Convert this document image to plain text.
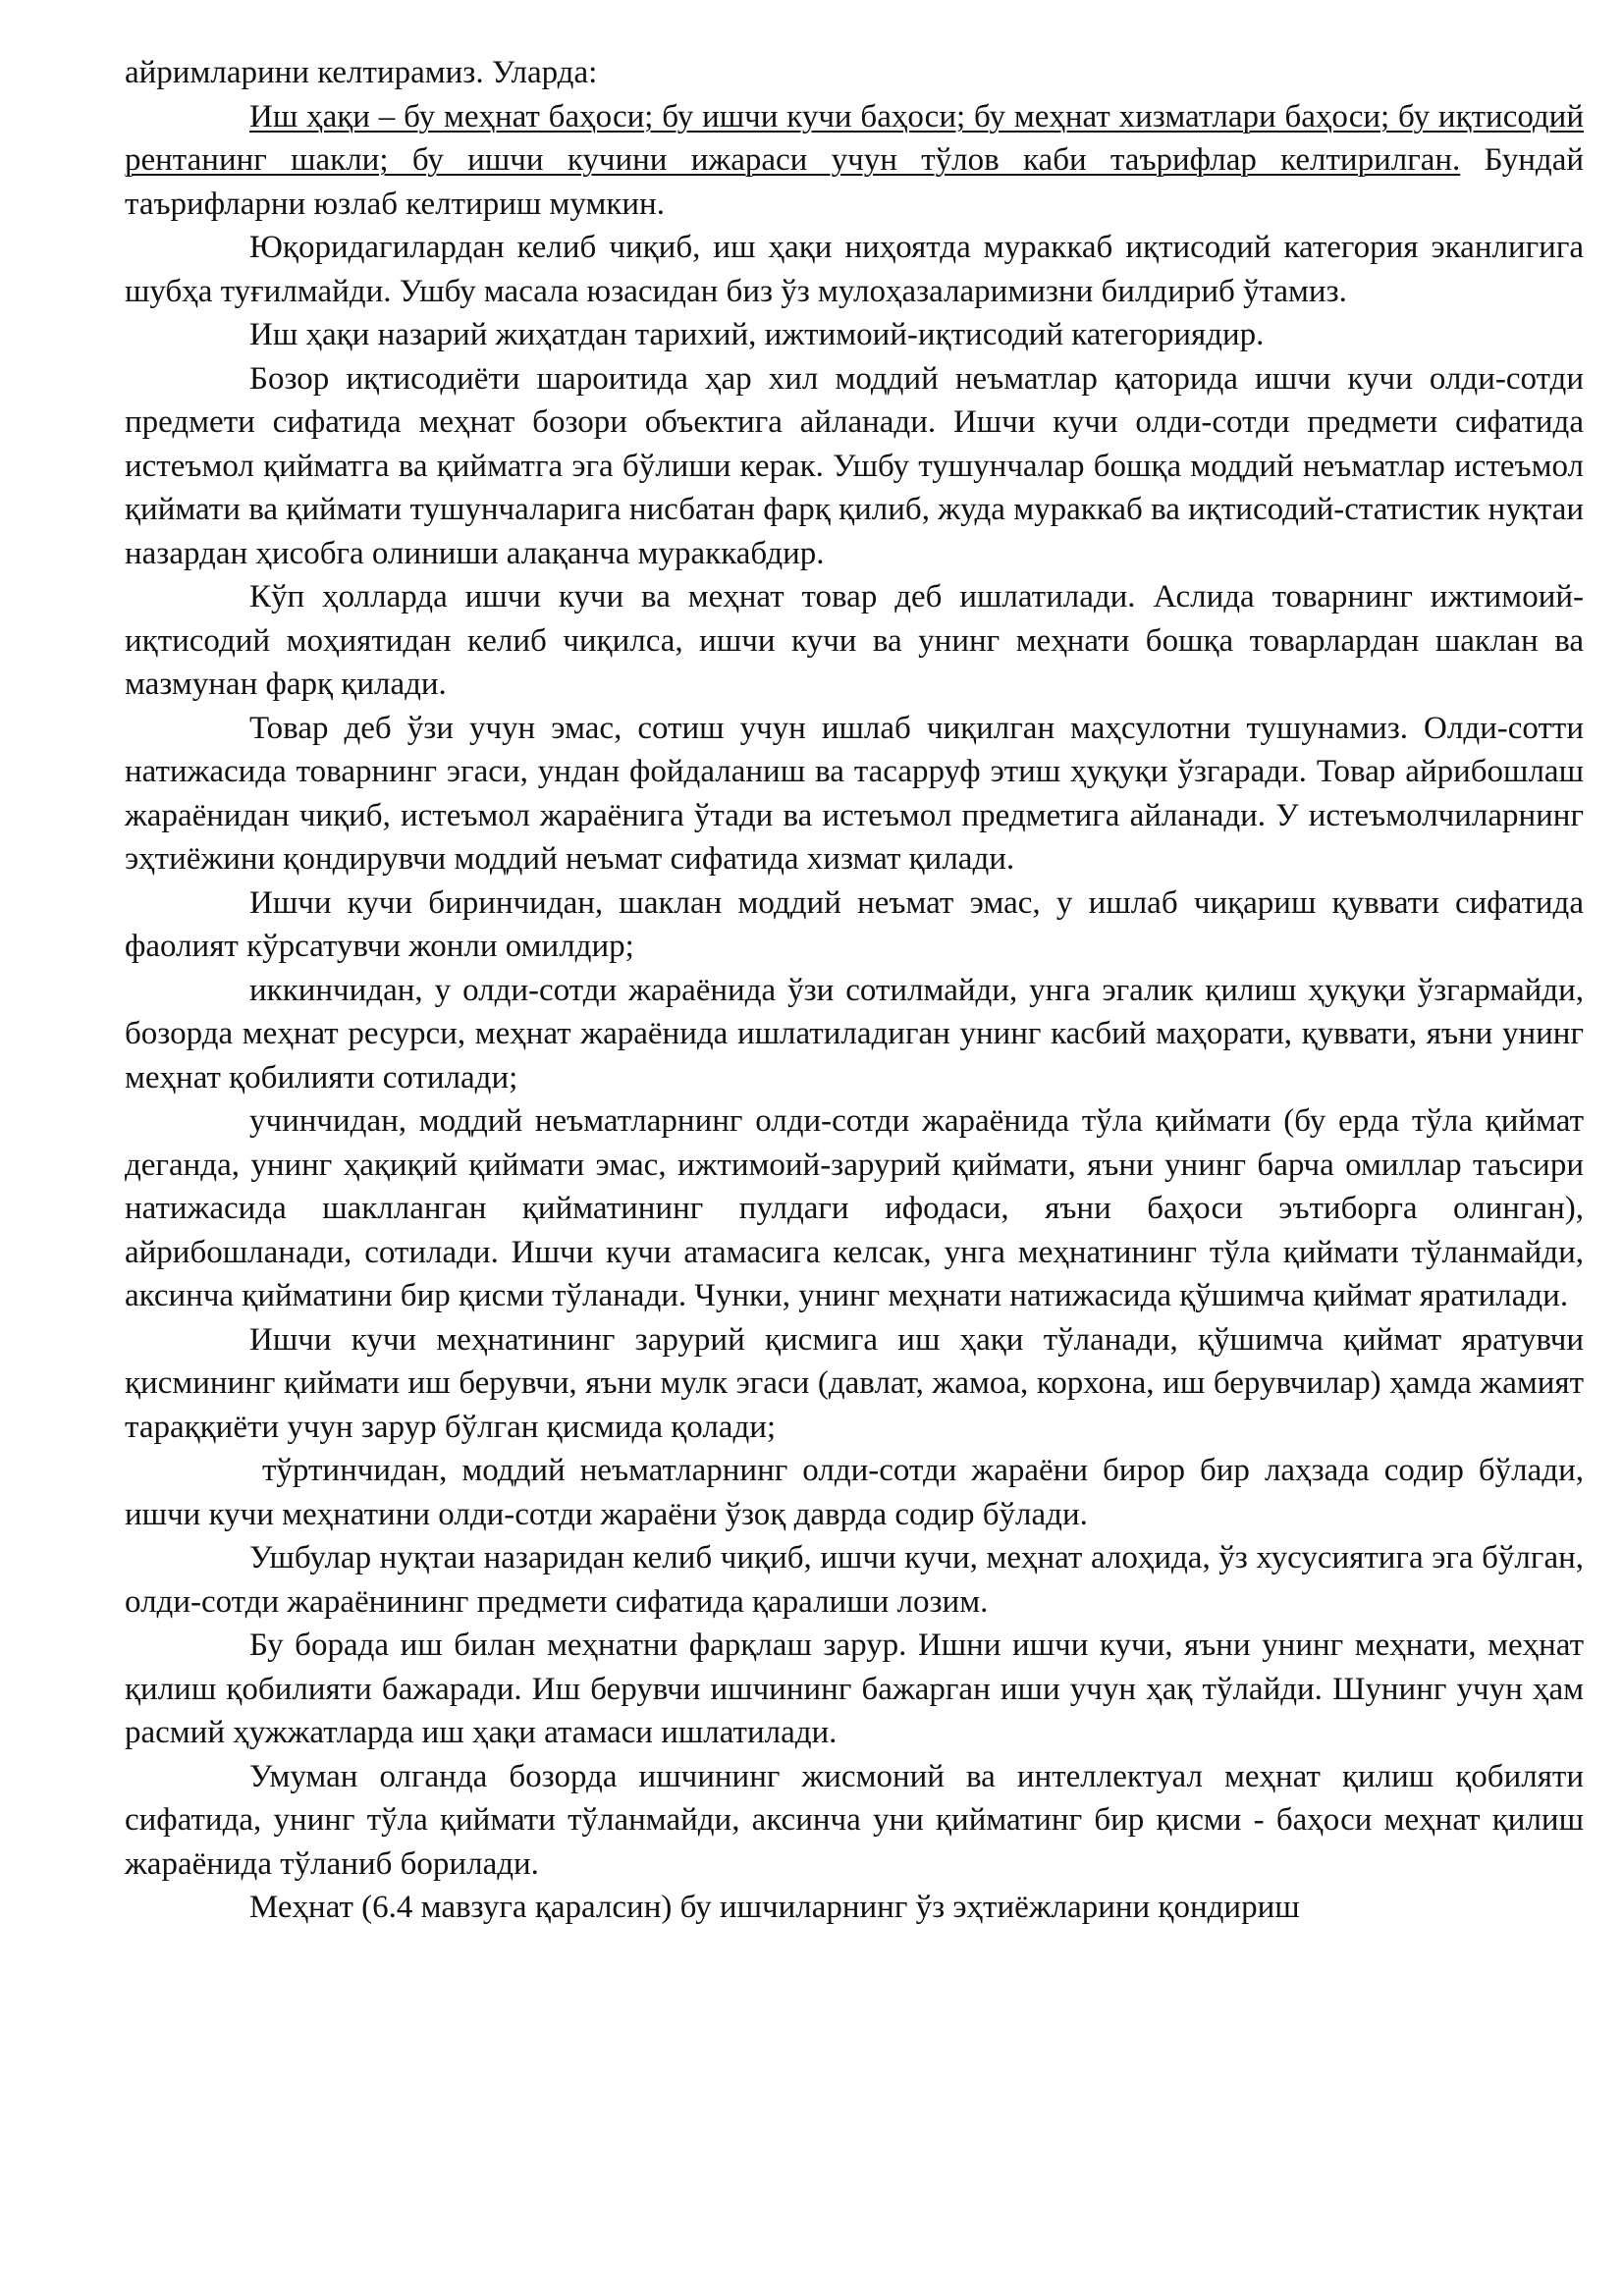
айримларини келтирамиз. Уларда:

Иш ҳақи – бу меҳнат баҳоси; бу ишчи кучи баҳоси; бу меҳнат хизматлари баҳоси; бу иқтисодий рентанинг шакли; бу ишчи кучини ижараси учун тўлов каби таърифлар келтирилган. Бундай таърифларни юзлаб келтириш мумкин.

Юқоридагилардан келиб чиқиб, иш ҳақи ниҳоятда мураккаб иқтисодий категория эканлигига шубҳа туғилмайди. Ушбу масала юзасидан биз ўз мулоҳазаларимизни билдириб ўтамиз.

Иш ҳақи назарий жиҳатдан тарихий, ижтимоий-иқтисодий категориядир.

Бозор иқтисодиёти шароитида ҳар хил моддий неъматлар қаторида ишчи кучи олди-сотди предмети сифатида меҳнат бозори объектига айланади. Ишчи кучи олди-сотди предмети сифатида истеъмол қийматга ва қийматга эга бўлиши керак. Ушбу тушунчалар бошқа моддий неъматлар истеъмол қиймати ва қиймати тушунчаларига нисбатан фарқ қилиб, жуда мураккаб ва иқтисодий-статистик нуқтаи назардан ҳисобга олиниши алақанча мураккабдир.

Кўп ҳолларда ишчи кучи ва меҳнат товар деб ишлатилади. Аслида товарнинг ижтимоий-иқтисодий моҳиятидан келиб чиқилса, ишчи кучи ва унинг меҳнати бошқа товарлардан шаклан ва мазмунан фарқ қилади.

Товар деб ўзи учун эмас, сотиш учун ишлаб чиқилган маҳсулотни тушунамиз. Олди-сотти натижасида товарнинг эгаси, ундан фойдаланиш ва тасарруф этиш ҳуқуқи ўзгаради. Товар айрибошлаш жараёнидан чиқиб, истеъмол жараёнига ўтади ва истеъмол предметига айланади. У истеъмолчиларнинг эҳтиёжини қондирувчи моддий неъмат сифатида хизмат қилади.

Ишчи кучи биринчидан, шаклан моддий неъмат эмас, у ишлаб чиқариш қуввати сифатида фаолият кўрсатувчи жонли омилдир;

иккинчидан, у олди-сотди жараёнида ўзи сотилмайди, унга эгалик қилиш ҳуқуқи ўзгармайди, бозорда меҳнат ресурси, меҳнат жараёнида ишлатиладиган унинг касбий маҳорати, қуввати, яъни унинг меҳнат қобилияти сотилади;

учинчидан, моддий неъматларнинг олди-сотди жараёнида тўла қиймати (бу ерда тўла қиймат деганда, унинг ҳақиқий қиймати эмас, ижтимоий-зарурий қиймати, яъни унинг барча омиллар таъсири натижасида шаклланган қийматининг пулдаги ифодаси, яъни баҳоси эътиборга олинган), айрибошланади, сотилади. Ишчи кучи атамасига келсак, унга меҳнатининг тўла қиймати тўланмайди, аксинча қийматини бир қисми тўланади. Чунки, унинг меҳнати натижасида қўшимча қиймат яратилади.

Ишчи кучи меҳнатининг зарурий қисмига иш ҳақи тўланади, қўшимча қиймат яратувчи қисмининг қиймати иш берувчи, яъни мулк эгаси (давлат, жамоа, корхона, иш берувчилар) ҳамда жамият тараққиёти учун зарур бўлган қисмида қолади;

тўртинчидан, моддий неъматларнинг олди-сотди жараёни бирор бир лаҳзада содир бўлади, ишчи кучи меҳнатини олди-сотди жараёни ўзоқ даврда содир бўлади.

Ушбулар нуқтаи назаридан келиб чиқиб, ишчи кучи, меҳнат алоҳида, ўз хусусиятига эга бўлган, олди-сотди жараёнининг предмети сифатида қаралиши лозим.

Бу борада иш билан меҳнатни фарқлаш зарур. Ишни ишчи кучи, яъни унинг меҳнати, меҳнат қилиш қобилияти бажаради. Иш берувчи ишчининг бажарган иши учун ҳақ тўлайди. Шунинг учун ҳам расмий ҳужжатларда иш ҳақи атамаси ишлатилади.

Умуман олганда бозорда ишчининг жисмоний ва интеллектуал меҳнат қилиш қобиляти сифатида, унинг тўла қиймати тўланмайди, аксинча уни қийматинг бир қисми - баҳоси меҳнат қилиш жараёнида тўланиб борилади.

Меҳнат (6.4 мавзуга қаралсин) бу ишчиларнинг ўз эҳтиёжларини қондириш
